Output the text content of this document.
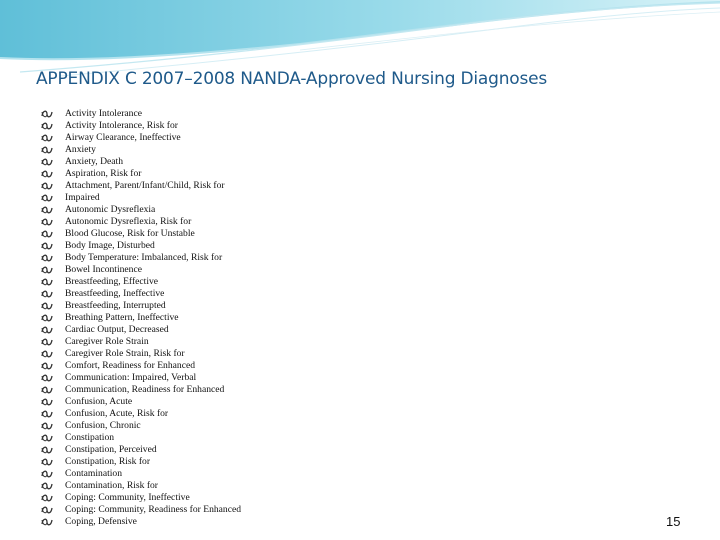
APPENDIX C 2007–2008 NANDA-Approved Nursing Diagnoses
Activity Intolerance
Activity Intolerance, Risk for
Airway Clearance, Ineffective
Anxiety
Anxiety, Death
Aspiration, Risk for
Attachment, Parent/Infant/Child, Risk for
Impaired
Autonomic Dysreflexia
Autonomic Dysreflexia, Risk for
Blood Glucose, Risk for Unstable
Body Image, Disturbed
Body Temperature: Imbalanced, Risk for
Bowel Incontinence
Breastfeeding, Effective
Breastfeeding, Ineffective
Breastfeeding, Interrupted
Breathing Pattern, Ineffective
Cardiac Output, Decreased
Caregiver Role Strain
Caregiver Role Strain, Risk for
Comfort, Readiness for Enhanced
Communication: Impaired, Verbal
Communication, Readiness for Enhanced
Confusion, Acute
Confusion, Acute, Risk for
Confusion, Chronic
Constipation
Constipation, Perceived
Constipation, Risk for
Contamination
Contamination, Risk for
Coping: Community, Ineffective
Coping: Community, Readiness for Enhanced
Coping, Defensive	15
